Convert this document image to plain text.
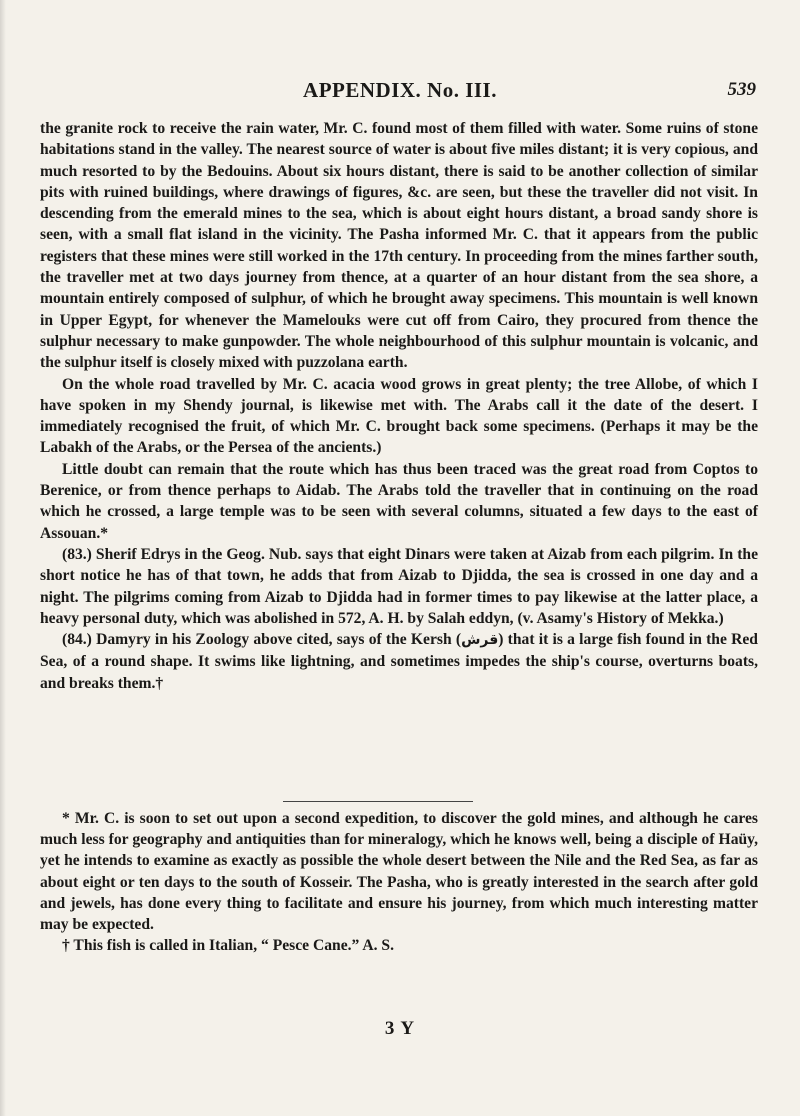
APPENDIX. No. III.	539

the granite rock to receive the rain water, Mr. C. found most of them filled with water. Some ruins of stone habitations stand in the valley. The nearest source of water is about five miles distant; it is very copious, and much resorted to by the Bedouins. About six hours distant, there is said to be another collection of similar pits with ruined buildings, where drawings of figures, &c. are seen, but these the traveller did not visit. In descending from the emerald mines to the sea, which is about eight hours distant, a broad sandy shore is seen, with a small flat island in the vicinity. The Pasha informed Mr. C. that it appears from the public registers that these mines were still worked in the 17th century. In proceeding from the mines farther south, the traveller met at two days journey from thence, at a quarter of an hour distant from the sea shore, a mountain entirely composed of sulphur, of which he brought away specimens. This mountain is well known in Upper Egypt, for whenever the Mamelouks were cut off from Cairo, they procured from thence the sulphur necessary to make gunpowder. The whole neighbourhood of this sulphur mountain is volcanic, and the sulphur itself is closely mixed with puzzolana earth.

On the whole road travelled by Mr. C. acacia wood grows in great plenty; the tree Allobe, of which I have spoken in my Shendy journal, is likewise met with. The Arabs call it the date of the desert. I immediately recognised the fruit, of which Mr. C. brought back some specimens. (Perhaps it may be the Labakh of the Arabs, or the Persea of the ancients.)

Little doubt can remain that the route which has thus been traced was the great road from Coptos to Berenice, or from thence perhaps to Aidab. The Arabs told the traveller that in continuing on the road which he crossed, a large temple was to be seen with several columns, situated a few days to the east of Assouan.*

(83.) Sherif Edrys in the Geog. Nub. says that eight Dinars were taken at Aizab from each pilgrim. In the short notice he has of that town, he adds that from Aizab to Djidda, the sea is crossed in one day and a night. The pilgrims coming from Aizab to Djidda had in former times to pay likewise at the latter place, a heavy personal duty, which was abolished in 572, A. H. by Salah eddyn, (v. Asamy's History of Mekka.)

(84.) Damyry in his Zoology above cited, says of the Kersh (قرش) that it is a large fish found in the Red Sea, of a round shape. It swims like lightning, and sometimes impedes the ship's course, overturns boats, and breaks them.†

* Mr. C. is soon to set out upon a second expedition, to discover the gold mines, and although he cares much less for geography and antiquities than for mineralogy, which he knows well, being a disciple of Haüy, yet he intends to examine as exactly as possible the whole desert between the Nile and the Red Sea, as far as about eight or ten days to the south of Kosseir. The Pasha, who is greatly interested in the search after gold and jewels, has done every thing to facilitate and ensure his journey, from which much interesting matter may be expected.

† This fish is called in Italian, “ Pesce Cane.” A. S.

3 Y
